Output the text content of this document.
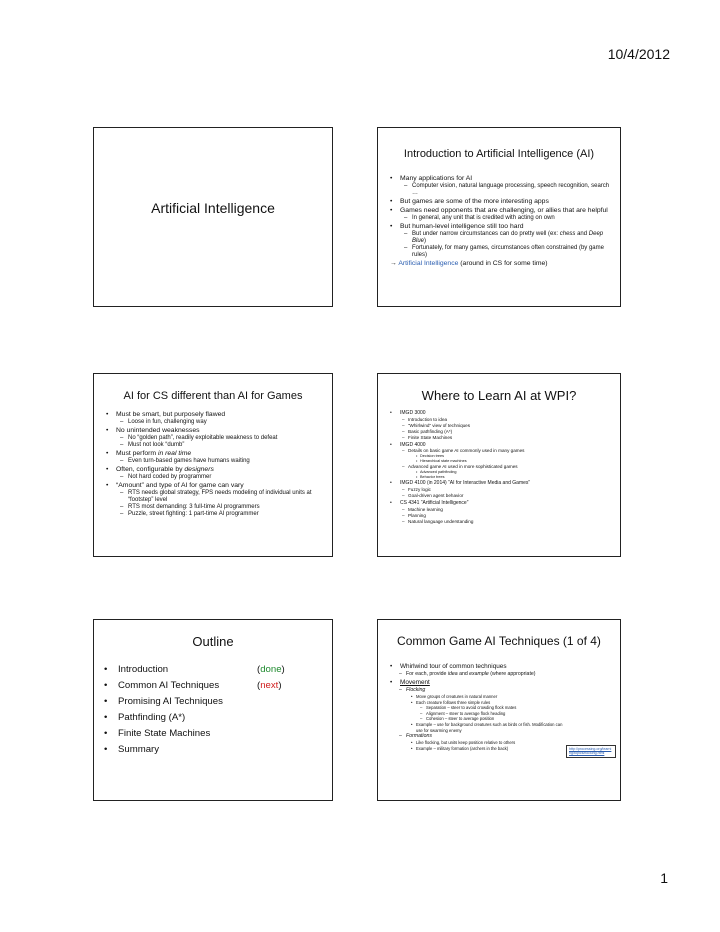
10/4/2012
Artificial Intelligence
Introduction to Artificial Intelligence (AI)
• Many applications for AI
– Computer vision, natural language processing, speech recognition, search …
• But games are some of the more interesting apps
• Games need opponents that are challenging, or allies that are helpful
– In general, any unit that is credited with acting on own
• But human-level intelligence still too hard
– But under narrow circumstances can do pretty well (ex: chess and Deep Blue)
– Fortunately, for many games, circumstances often constrained (by game rules)
→ Artificial Intelligence (around in CS for some time)
AI for CS different than AI for Games
• Must be smart, but purposely flawed
– Loose in fun, challenging way
• No unintended weaknesses
– No “golden path”, readily exploitable weakness to defeat
– Must not look “dumb”
• Must perform in real time
– Even turn-based games have humans waiting
• Often, configurable by designers
– Not hard coded by programmer
• “Amount” and type of AI for game can vary
– RTS needs global strategy, FPS needs modeling of individual units at “footstep” level
– RTS most demanding: 3 full-time AI programmers
– Puzzle, street fighting: 1 part-time AI programmer
Where to Learn AI at WPI?
• IMGD 3000
– Introduction to idea
– “Whirlwind” view of techniques
– Basic pathfinding (A*)
– Finite State Machines
• IMGD 4000
– Details on basic game AI commonly used in many games
• Decision trees
• Hierarchical state machines
– Advanced game AI used in more sophisticated games
• Advanced pathfinding
• Behavior trees
• IMGD 4100 (in 2014) “AI for Interactive Media and Games”
– Fuzzy logic
– Goal-driven agent behavior
• CS 4341 “Artificial Intelligence”
– Machine learning
– Planning
– Natural language understanding
Outline
• Introduction	(done)
• Common AI Techniques	(next)
• Promising AI Techniques
• Pathfinding (A*)
• Finite State Machines
• Summary
Common Game AI Techniques (1 of 4)
• Whirlwind tour of common techniques
– For each, provide idea and example (where appropriate)
• Movement
– Flocking
• Move groups of creatures in natural manner
• Each creature follows three simple rules
– Separation – steer to avoid crowding flock mates
– Alignment – steer to average flock heading
– Cohesion – steer to average position
• Example – use for background creatures such as birds or fish. Modification can use for swarming enemy
– Formations
• Like flocking, but units keep position relative to others
• Example – military formation (archers in the back)	http://processing.org/learning/topics/flocking.html
1
